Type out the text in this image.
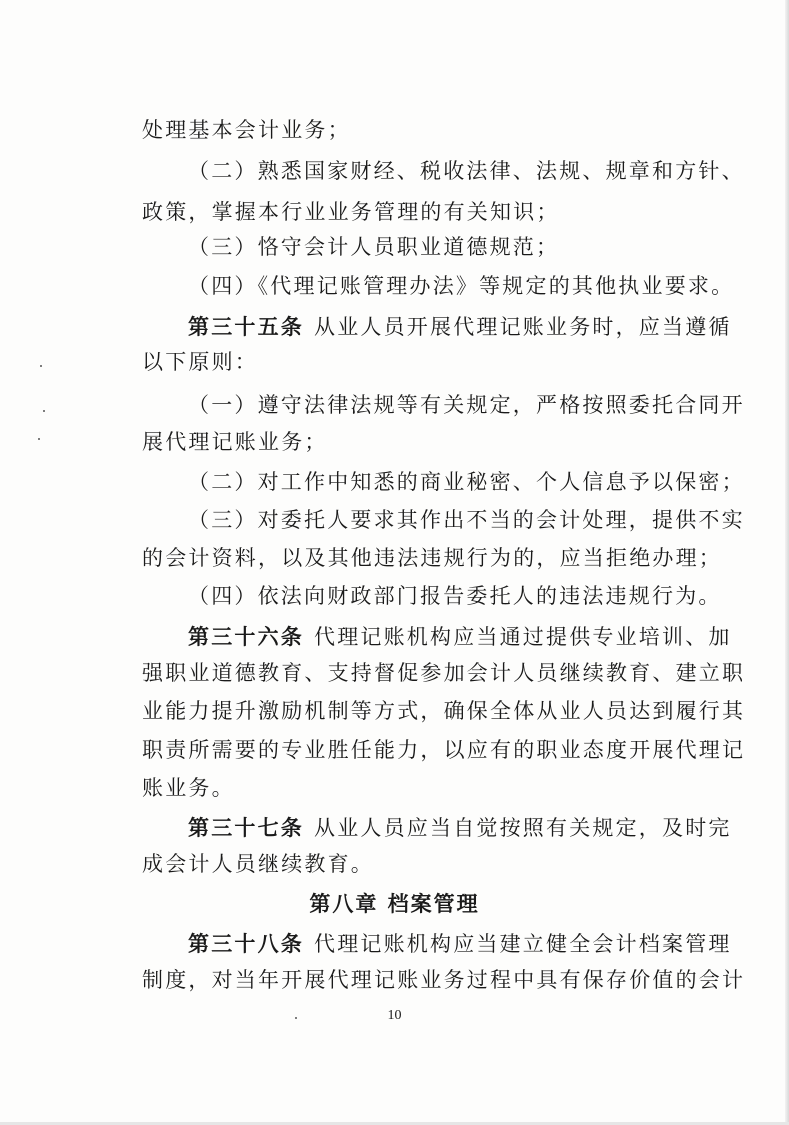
处理基本会计业务；
（二）熟悉国家财经、税收法律、法规、规章和方针、
政策，掌握本行业业务管理的有关知识；
（三）恪守会计人员职业道德规范；
（四）《代理记账管理办法》等规定的其他执业要求。
第三十五条 从业人员开展代理记账业务时，应当遵循
以下原则：
（一）遵守法律法规等有关规定，严格按照委托合同开
展代理记账业务；
（二）对工作中知悉的商业秘密、个人信息予以保密；
（三）对委托人要求其作出不当的会计处理，提供不实
的会计资料，以及其他违法违规行为的，应当拒绝办理；
（四）依法向财政部门报告委托人的违法违规行为。
第三十六条 代理记账机构应当通过提供专业培训、加
强职业道德教育、支持督促参加会计人员继续教育、建立职
业能力提升激励机制等方式，确保全体从业人员达到履行其
职责所需要的专业胜任能力，以应有的职业态度开展代理记
账业务。
第三十七条 从业人员应当自觉按照有关规定，及时完
成会计人员继续教育。
第八章 档案管理
第三十八条 代理记账机构应当建立健全会计档案管理
制度，对当年开展代理记账业务过程中具有保存价值的会计
10
